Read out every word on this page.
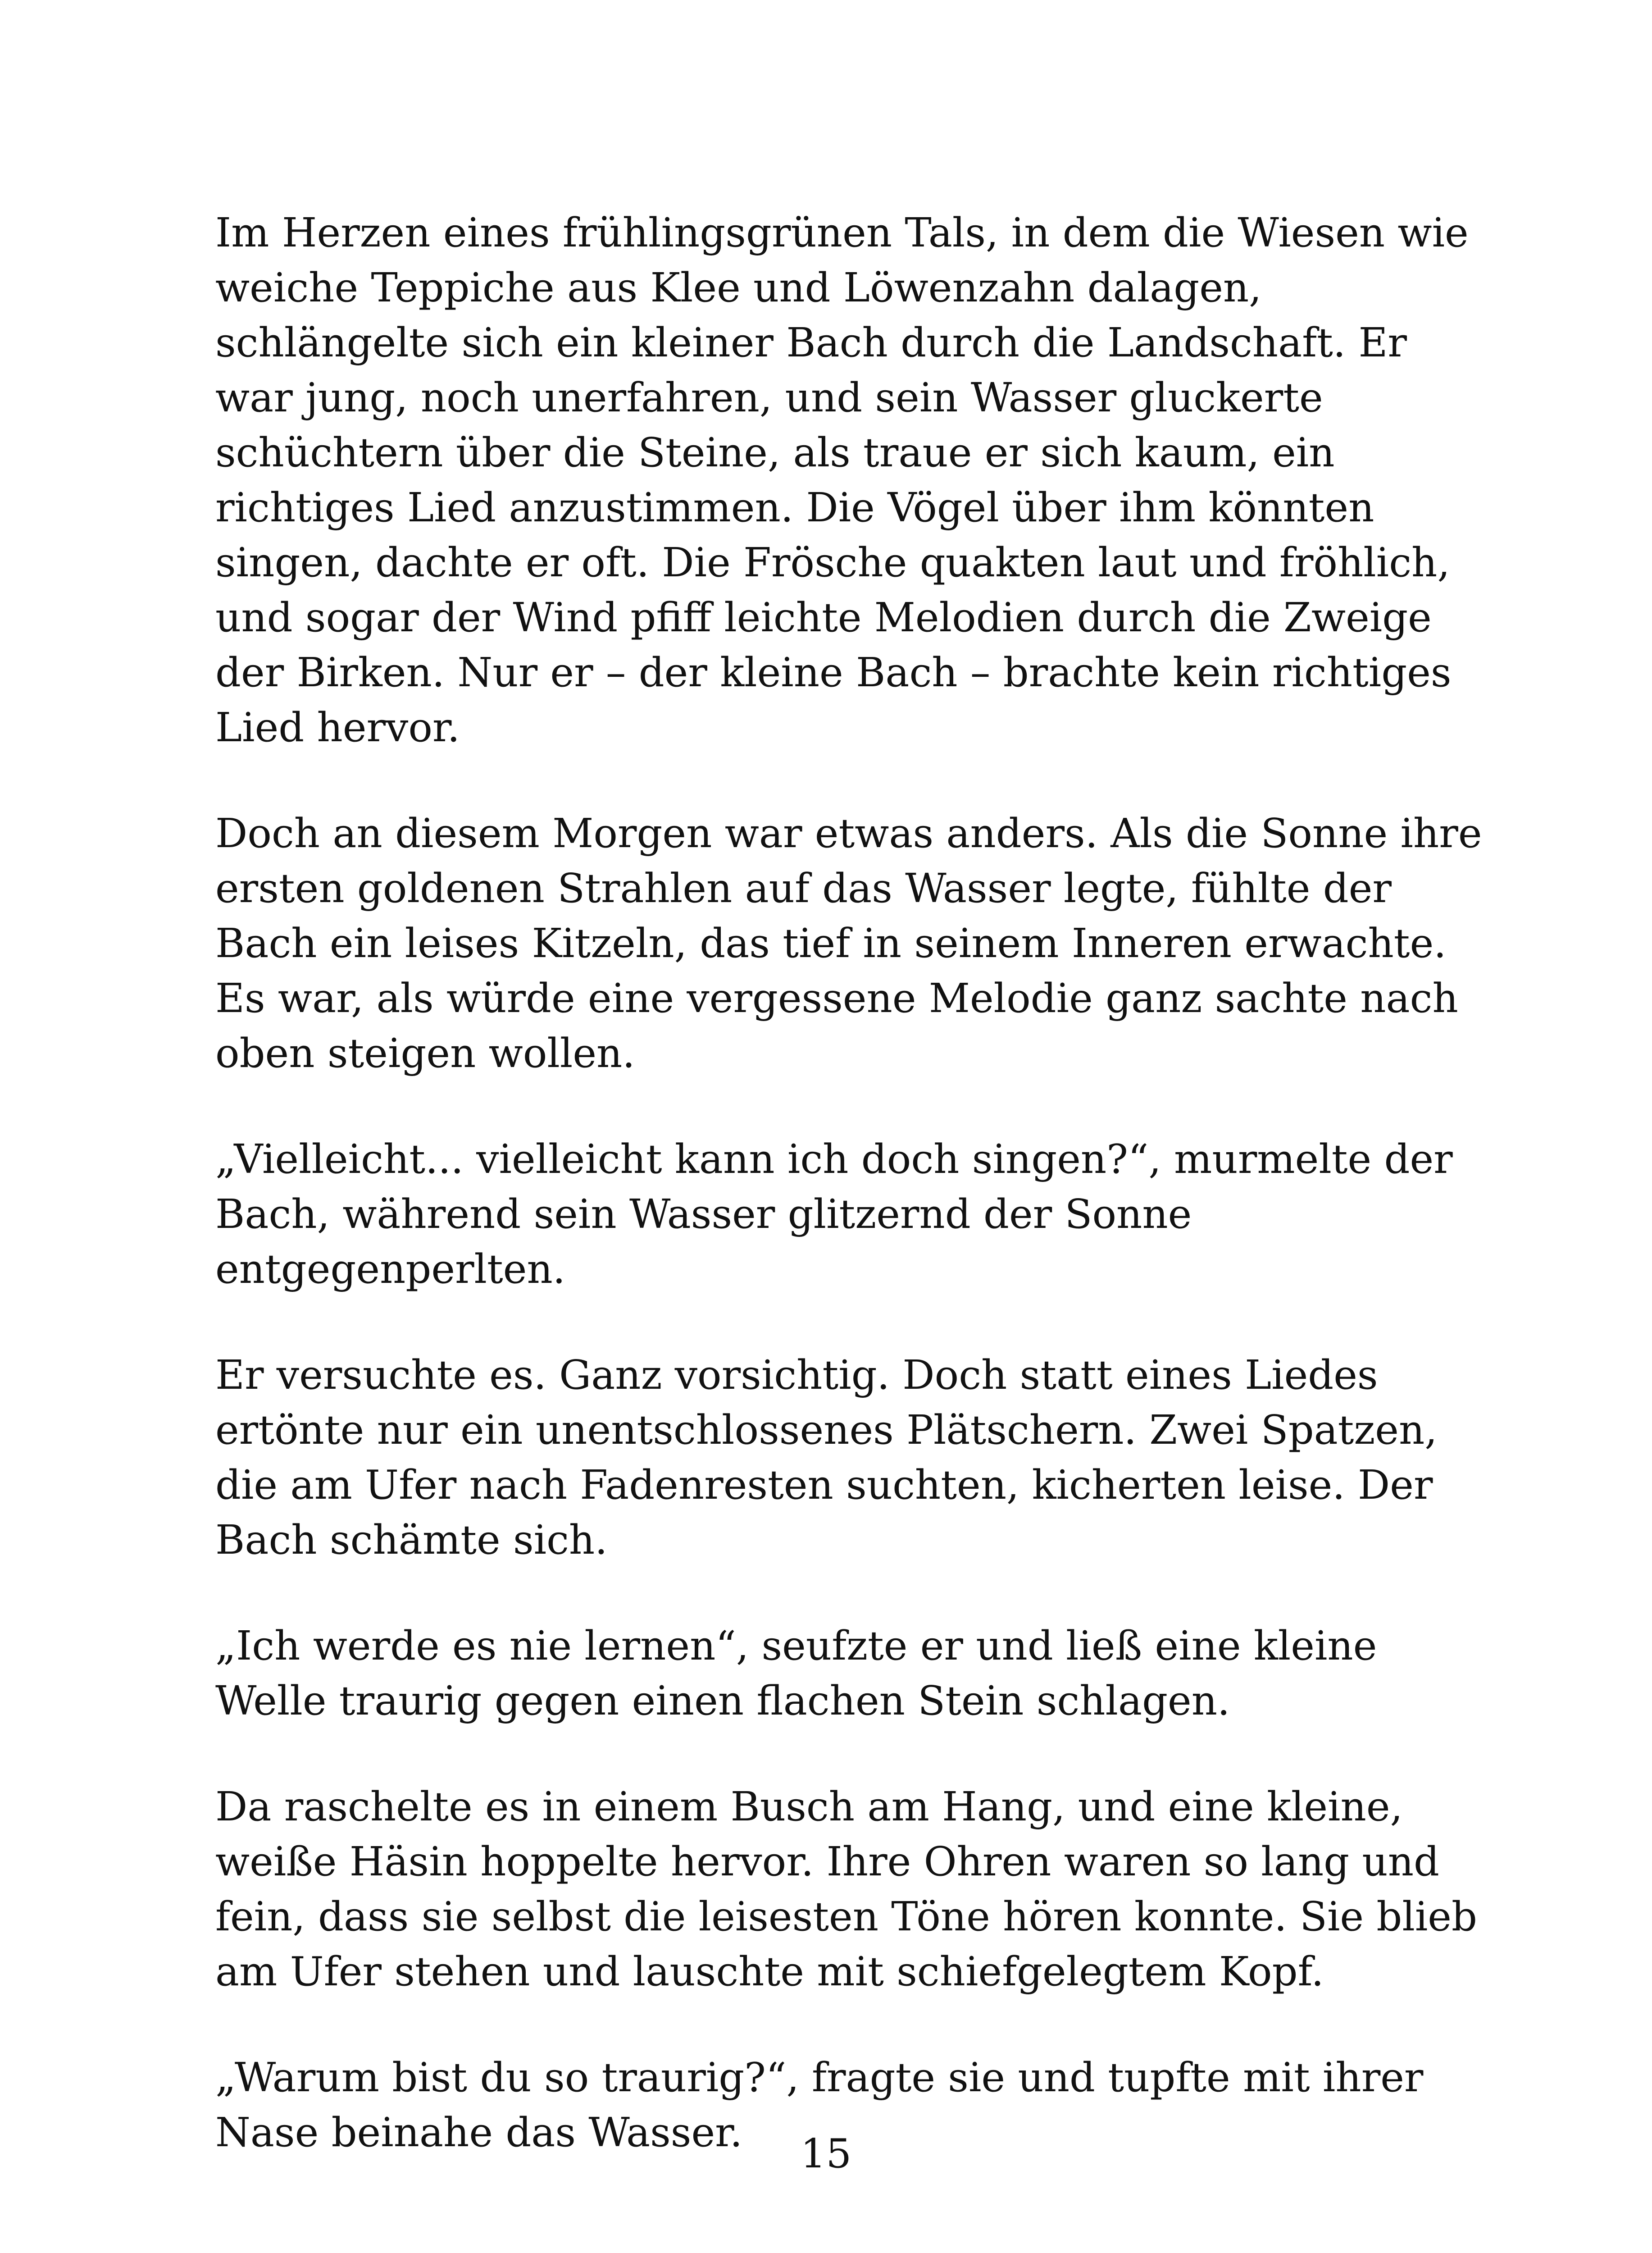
Im Herzen eines frühlingsgrünen Tals, in dem die Wiesen wie
weiche Teppiche aus Klee und Löwenzahn dalagen,
schlängelte sich ein kleiner Bach durch die Landschaft. Er
war jung, noch unerfahren, und sein Wasser gluckerte
schüchtern über die Steine, als traue er sich kaum, ein
richtiges Lied anzustimmen. Die Vögel über ihm könnten
singen, dachte er oft. Die Frösche quakten laut und fröhlich,
und sogar der Wind pfiff leichte Melodien durch die Zweige
der Birken. Nur er – der kleine Bach – brachte kein richtiges
Lied hervor.

Doch an diesem Morgen war etwas anders. Als die Sonne ihre
ersten goldenen Strahlen auf das Wasser legte, fühlte der
Bach ein leises Kitzeln, das tief in seinem Inneren erwachte.
Es war, als würde eine vergessene Melodie ganz sachte nach
oben steigen wollen.

„Vielleicht... vielleicht kann ich doch singen?“, murmelte der
Bach, während sein Wasser glitzernd der Sonne
entgegenperlten.

Er versuchte es. Ganz vorsichtig. Doch statt eines Liedes
ertönte nur ein unentschlossenes Plätschern. Zwei Spatzen,
die am Ufer nach Fadenresten suchten, kicherten leise. Der
Bach schämte sich.

„Ich werde es nie lernen“, seufzte er und ließ eine kleine
Welle traurig gegen einen flachen Stein schlagen.

Da raschelte es in einem Busch am Hang, und eine kleine,
weiße Häsin hoppelte hervor. Ihre Ohren waren so lang und
fein, dass sie selbst die leisesten Töne hören konnte. Sie blieb
am Ufer stehen und lauschte mit schiefgelegtem Kopf.

„Warum bist du so traurig?“, fragte sie und tupfte mit ihrer
Nase beinahe das Wasser.	15
